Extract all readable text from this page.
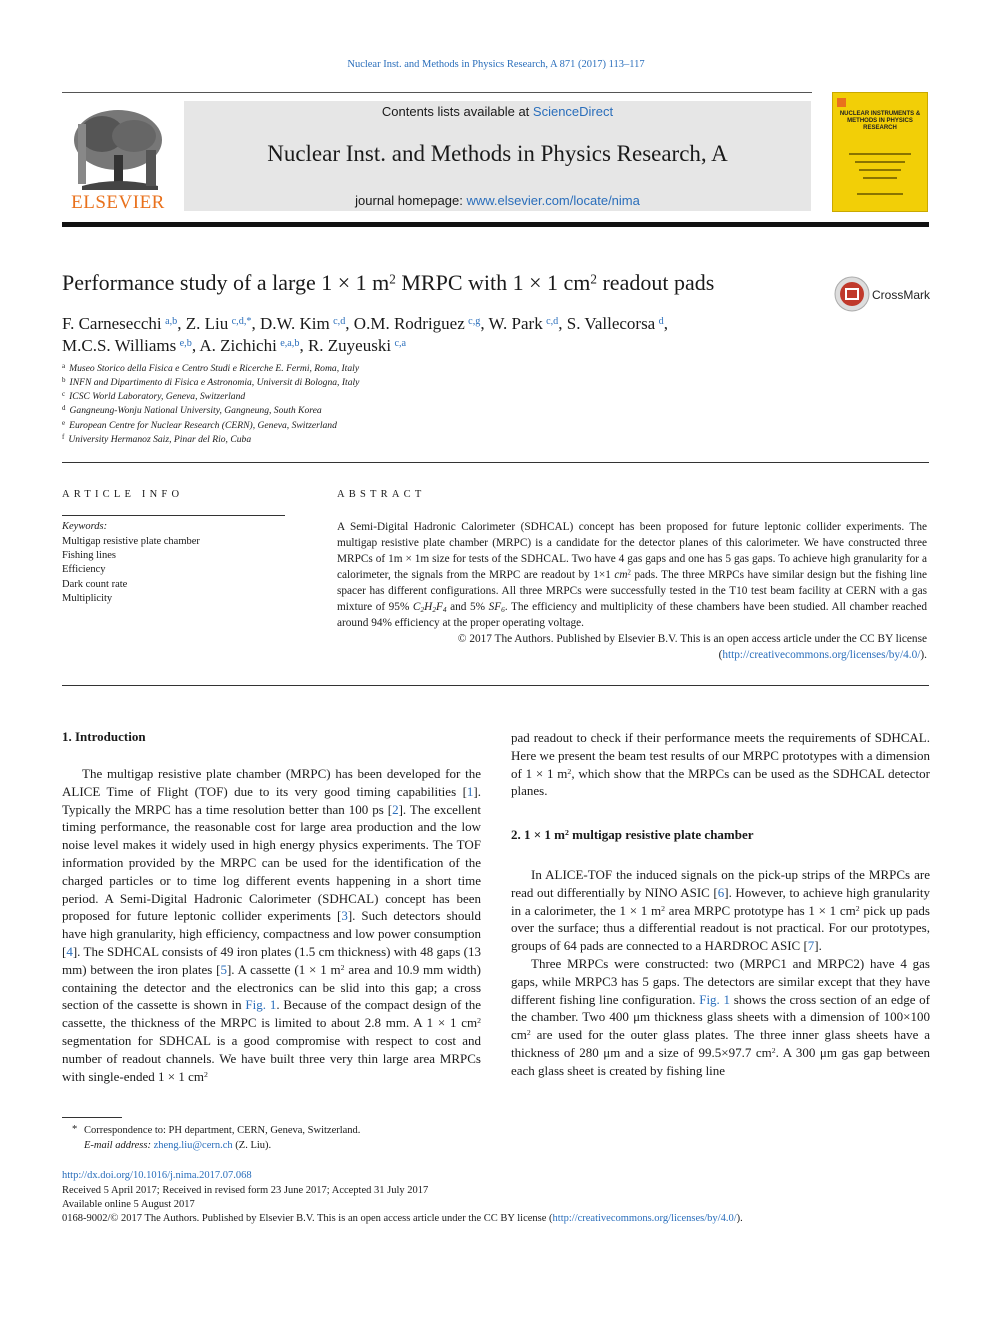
Nuclear Inst. and Methods in Physics Research, A 871 (2017) 113–117
ELSEVIER
Contents lists available at ScienceDirect
Nuclear Inst. and Methods in Physics Research, A
journal homepage: www.elsevier.com/locate/nima
NUCLEAR INSTRUMENTS & METHODS IN PHYSICS RESEARCH
Performance study of a large 1 × 1 $m^2$ MRPC with 1 × 1 $cm^2$ readout pads	CrossMark
F. Carnesecchi  $^{a,b}$, Z. Liu  $^{c,d,*}$, D.W. Kim  $^{c,d}$, O.M. Rodriguez  $^{c,g}$, W. Park  $^{c,d}$, S. Vallecorsa  $^d$,
M.C.S. Williams  $^{e,b}$, A. Zichichi  $^{e,a,b}$, R. Zuyeuski  $^{c,a}$
$^a$ Museo Storico della Fisica e Centro Studi e Ricerche E. Fermi, Roma, Italy
$^b$ INFN and Dipartimento di Fisica e Astronomia, Universit di Bologna, Italy
$^c$ ICSC World Laboratory, Geneva, Switzerland
$^d$ Gangneung-Wonju National University, Gangneung, South Korea
$^e$ European Centre for Nuclear Research (CERN), Geneva, Switzerland
$^f$ University Hermanoz Saiz, Pinar del Rio, Cuba
ARTICLE INFO
Keywords:
Multigap resistive plate chamber
Fishing lines
Efficiency
Dark count rate
Multiplicity
ABSTRACT
A Semi-Digital Hadronic Calorimeter (SDHCAL) concept has been proposed for future leptonic collider experiments. The multigap resistive plate chamber (MRPC) is a candidate for the detector planes of this calorimeter. We have constructed three MRPCs of 1m × 1m size for tests of the SDHCAL. Two have 4 gas gaps and one has 5 gas gaps. To achieve high granularity for a calorimeter, the signals from the MRPC are readout by 1×1 $cm^2$ pads. The three MRPCs have similar design but the fishing line spacer has different configurations. All three MRPCs were successfully tested in the T10 test beam facility at CERN with a gas mixture of 95% $C_2H_2F_4$ and 5% $SF_6$. The efficiency and multiplicity of these chambers have been studied. All chamber reached around 94% efficiency at the proper operating voltage.
© 2017 The Authors. Published by Elsevier B.V. This is an open access article under the CC BY license
(http://creativecommons.org/licenses/by/4.0/).
1. Introduction

The multigap resistive plate chamber (MRPC) has been developed for the ALICE Time of Flight (TOF) due to its very good timing capabilities [1]. Typically the MRPC has a time resolution better than 100 ps [2]. The excellent timing performance, the reasonable cost for large area production and the low noise level makes it widely used in high energy physics experiments. The TOF information provided by the MRPC can be used for the identification of the charged particles or to time log different events happening in a short time period. A Semi-Digital Hadronic Calorimeter (SDHCAL) concept has been proposed for future leptonic collider experiments [3]. Such detectors should have high granularity, high efficiency, compactness and low power consumption [4]. The SDHCAL consists of 49 iron plates (1.5 cm thickness) with 48 gaps (13 mm) between the iron plates [5]. A cassette (1 × 1 $m^2$ area and 10.9 mm width) containing the detector and the electronics can be slid into this gap; a cross section of the cassette is shown in Fig. 1. Because of the compact design of the cassette, the thickness of the MRPC is limited to about 2.8 mm. A 1 × 1 $cm^2$ segmentation for SDHCAL is a good compromise with respect to cost and number of readout channels. We have built three very thin large area MRPCs with single-ended 1 × 1 $cm^2$

pad readout to check if their performance meets the requirements of SDHCAL. Here we present the beam test results of our MRPC prototypes with a dimension of 1 × 1 $m^2$, which show that the MRPCs can be used as the SDHCAL detector planes.

2. 1 × 1 $m^2$ multigap resistive plate chamber

In ALICE-TOF the induced signals on the pick-up strips of the MRPCs are read out differentially by NINO ASIC [6]. However, to achieve high granularity in a calorimeter, the 1 × 1 $m^2$ area MRPC prototype has 1 × 1 $cm^2$ pick up pads over the surface; thus a differential readout is not practical. For our prototypes, groups of 64 pads are connected to a HARDROC ASIC [7].

Three MRPCs were constructed: two (MRPC1 and MRPC2) have 4 gas gaps, while MRPC3 has 5 gaps. The detectors are similar except that they have different fishing line configuration. Fig. 1 shows the cross section of an edge of the chamber. Two 400 μm thickness glass sheets with a dimension of 100×100 $cm^2$ are used for the outer glass plates. The three inner glass sheets have a thickness of 280 μm and a size of 99.5×97.7 $cm^2$. A 300 μm gas gap between each glass sheet is created by fishing line

* Correspondence to: PH department, CERN, Geneva, Switzerland.
E-mail address: zheng.liu@cern.ch (Z. Liu).
http://dx.doi.org/10.1016/j.nima.2017.07.068
Received 5 April 2017; Received in revised form 23 June 2017; Accepted 31 July 2017
Available online 5 August 2017
0168-9002/© 2017 The Authors. Published by Elsevier B.V. This is an open access article under the CC BY license (http://creativecommons.org/licenses/by/4.0/).
